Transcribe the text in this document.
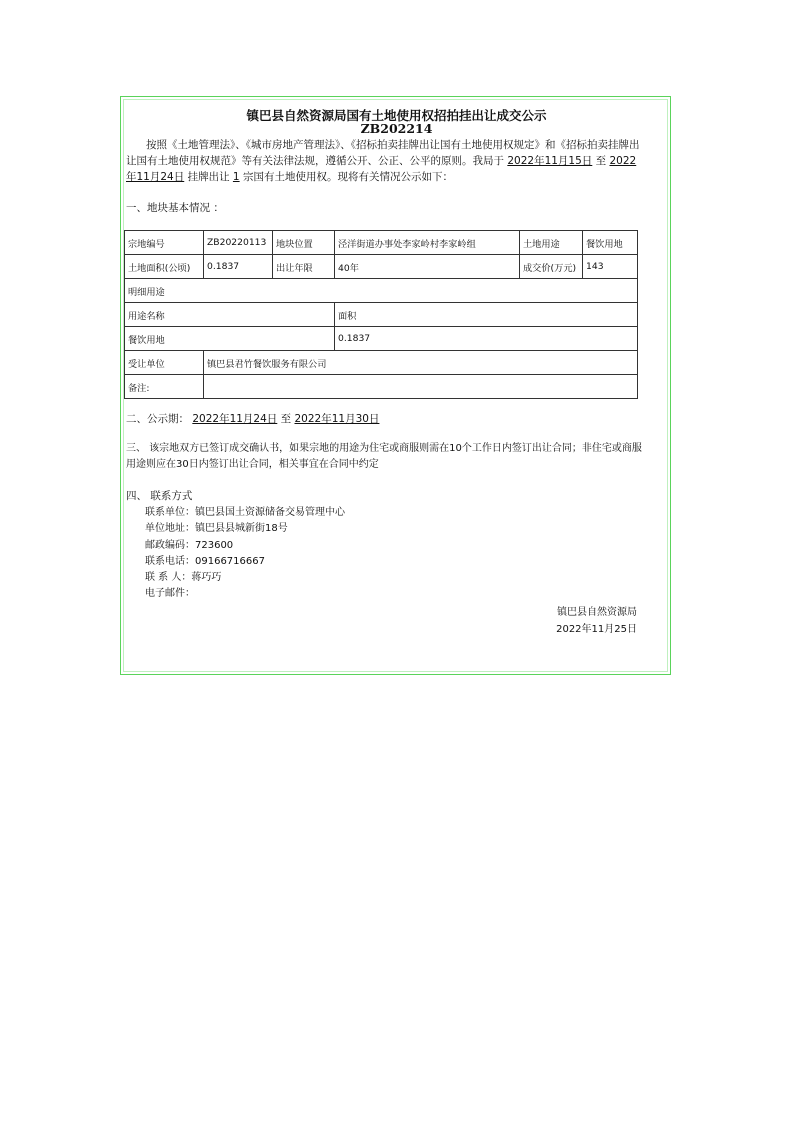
镇巴县自然资源局国有土地使用权招拍挂出让成交公示
ZB202214
按照《土地管理法》、《城市房地产管理法》、《招标拍卖挂牌出让国有土地使用权规定》和《招标拍卖挂牌出让国有土地使用权规范》等有关法律法规，遵循公开、公正、公平的原则。我局于 2022年11月15日 至 2022年11月24日 挂牌出让 1 宗国有土地使用权。现将有关情况公示如下：
一、地块基本情况 ：
宗地编号	ZB20220113	地块位置	泾洋街道办事处李家岭村李家岭组	土地用途	餐饮用地
土地面积(公顷)	0.1837	出让年限	40年	成交价(万元)	143
明细用途					
用途名称			面积		
餐饮用地			0.1837		
受让单位	镇巴县君竹餐饮服务有限公司				
备注:					
二、公示期： 2022年11月24日 至 2022年11月30日
三、 该宗地双方已签订成交确认书，如果宗地的用途为住宅或商服则需在10个工作日内签订出让合同；非住宅或商服用途则应在30日内签订出让合同，相关事宜在合同中约定
四、 联系方式
联系单位：镇巴县国土资源储备交易管理中心
单位地址：镇巴县县城新街18号
邮政编码：723600
联系电话：09166716667
联 系 人：蒋巧巧
电子邮件：
镇巴县自然资源局
2022年11月25日
